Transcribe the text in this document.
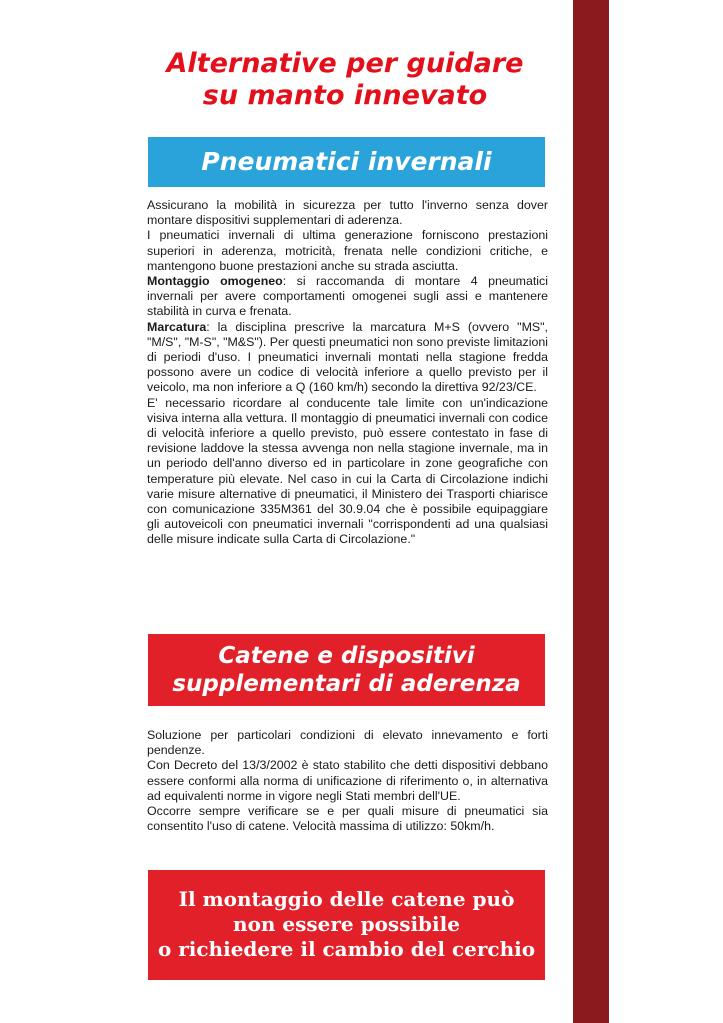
Alternative per guidare
su manto innevato
Pneumatici invernali

Assicurano la mobilità in sicurezza per tutto l'inverno senza dover montare dispositivi supplementari di aderenza.

I pneumatici invernali di ultima generazione forniscono prestazioni superiori in aderenza, motricità, frenata nelle condizioni critiche, e mantengono buone prestazioni anche su strada asciutta.

Montaggio omogeneo: si raccomanda di montare 4 pneumatici invernali per avere comportamenti omogenei sugli assi e mantenere stabilità in curva e frenata.

Marcatura: la disciplina prescrive la marcatura M+S (ovvero "MS", "M/S", "M-S", "M&S"). Per questi pneumatici non sono previste limitazioni di periodi d'uso. I pneumatici invernali montati nella stagione fredda possono avere un codice di velocità inferiore a quello previsto per il veicolo, ma non inferiore a Q (160 km/h) secondo la direttiva 92/23/CE.

E' necessario ricordare al conducente tale limite con un'indicazione visiva interna alla vettura. Il montaggio di pneumatici invernali con codice di velocità inferiore a quello previsto, può essere contestato in fase di revisione laddove la stessa avvenga non nella stagione invernale, ma in un periodo dell'anno diverso ed in particolare in zone geografiche con temperature più elevate. Nel caso in cui la Carta di Circolazione indichi varie misure alternative di pneumatici, il Ministero dei Trasporti chiarisce con comunicazione 335M361 del 30.9.04 che è possibile equipaggiare gli autoveicoli con pneumatici invernali "corrispondenti ad una qualsiasi delle misure indicate sulla Carta di Circolazione."

Catene e dispositivi
supplementari di aderenza

Soluzione per particolari condizioni di elevato innevamento e forti pendenze.

Con Decreto del 13/3/2002 è stato stabilito che detti dispositivi debbano essere conformi alla norma di unificazione di riferimento o, in alternativa ad equivalenti norme in vigore negli Stati membri dell'UE.

Occorre sempre verificare se e per quali misure di pneumatici sia consentito l'uso di catene. Velocità massima di utilizzo: 50km/h.

Il montaggio delle catene può
non essere possibile
o richiedere il cambio del cerchio
